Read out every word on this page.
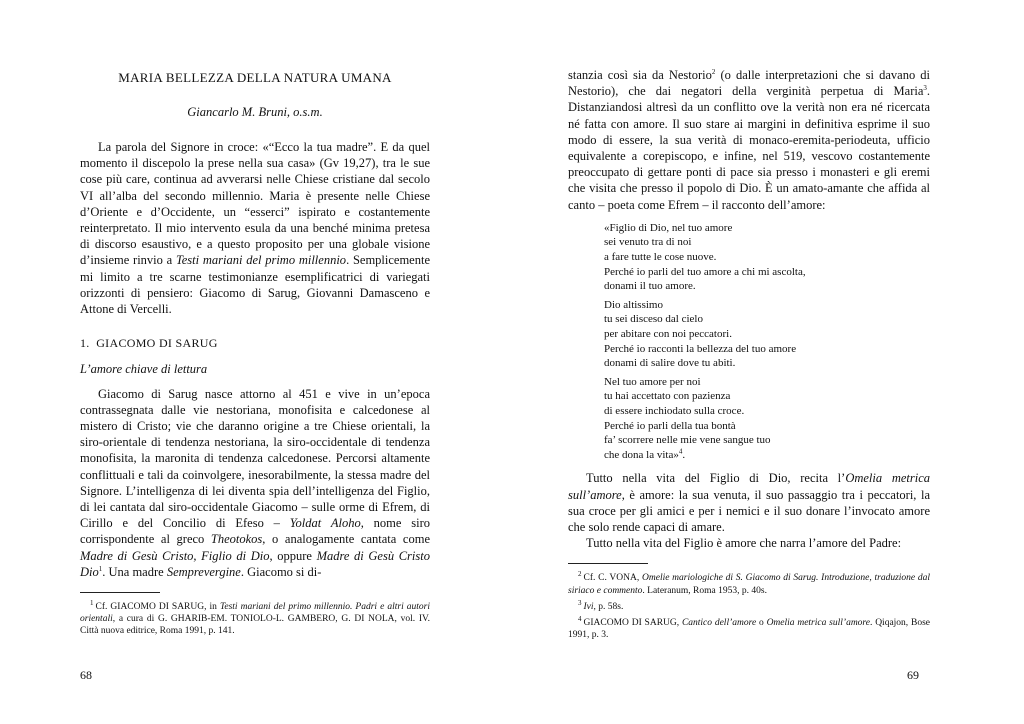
MARIA BELLEZZA DELLA NATURA UMANA
Giancarlo M. Bruni, o.s.m.

La parola del Signore in croce: «“Ecco la tua madre”. E da quel momento il discepolo la prese nella sua casa» (Gv 19,27), tra le sue cose più care, continua ad avverarsi nelle Chiese cristiane dal secolo VI all’alba del secondo millennio. Maria è presente nelle Chiese d’Oriente e d’Occidente, un “esserci” ispirato e costantemente reinterpretato. Il mio intervento esula da una benché minima pretesa di discorso esaustivo, e a questo proposito per una globale visione d’insieme rinvio a Testi mariani del primo millennio. Semplicemente mi limito a tre scarne testimonianze esemplificatrici di variegati orizzonti di pensiero: Giacomo di Sarug, Giovanni Damasceno e Attone di Vercelli.

1. GIACOMO DI SARUG
L’amore chiave di lettura

Giacomo di Sarug nasce attorno al 451 e vive in un’epoca contrassegnata dalle vie nestoriana, monofisita e calcedonese al mistero di Cristo; vie che daranno origine a tre Chiese orientali, la siro-orientale di tendenza nestoriana, la siro-occidentale di tendenza monofisita, la maronita di tendenza calcedonese. Percorsi altamente conflittuali e tali da coinvolgere, inesorabilmente, la stessa madre del Signore. L’intelligenza di lei diventa spia dell’intelligenza del Figlio, di lei cantata dal siro-occidentale Giacomo – sulle orme di Efrem, di Cirillo e del Concilio di Efeso – Yoldat Aloho, nome siro corrispondente al greco Theotokos, o analogamente cantata come Madre di Gesù Cristo, Figlio di Dio, oppure Madre di Gesù Cristo Dio$^1$. Una madre Semprevergine. Giacomo si di-

$^1$ Cf. GIACOMO DI SARUG, in Testi mariani del primo millennio. Padri e altri autori orientali, a cura di G. GHARIB-EM. TONIOLO-L. GAMBERO, G. DI NOLA, vol. IV. Città nuova editrice, Roma 1991, p. 141.
68

stanzia così sia da Nestorio$^2$ (o dalle interpretazioni che si davano di Nestorio), che dai negatori della verginità perpetua di Maria$^3$. Distanziandosi altresì da un conflitto ove la verità non era né ricercata né fatta con amore. Il suo stare ai margini in definitiva esprime il suo modo di essere, la sua verità di monaco-eremita-periodeuta, ufficio equivalente a corepiscopo, e infine, nel 519, vescovo costantemente preoccupato di gettare ponti di pace sia presso i monasteri e gli eremi che visita che presso il popolo di Dio. È un amato-amante che affida al canto – poeta come Efrem – il racconto dell’amore:

«Figlio di Dio, nel tuo amore
sei venuto tra di noi
a fare tutte le cose nuove.
Perché io parli del tuo amore a chi mi ascolta,
donami il tuo amore.
Dio altissimo
tu sei disceso dal cielo
per abitare con noi peccatori.
Perché io racconti la bellezza del tuo amore
donami di salire dove tu abiti.
Nel tuo amore per noi
tu hai accettato con pazienza
di essere inchiodato sulla croce.
Perché io parli della tua bontà
fa’ scorrere nelle mie vene sangue tuo
che dona la vita»$^4$.

Tutto nella vita del Figlio di Dio, recita l’Omelia metrica sull’amore, è amore: la sua venuta, il suo passaggio tra i peccatori, la sua croce per gli amici e per i nemici e il suo donare l’invocato amore che solo rende capaci di amare.

Tutto nella vita del Figlio è amore che narra l’amore del Padre:

$^2$ Cf. C. VONA, Omelie mariologiche di S. Giacomo di Sarug. Introduzione, traduzione dal siriaco e commento. Lateranum, Roma 1953, p. 40s.
$^3$ Ivi, p. 58s.
$^4$ GIACOMO DI SARUG, Cantico dell’amore o Omelia metrica sull’amore. Qiqajon, Bose 1991, p. 3.
69
